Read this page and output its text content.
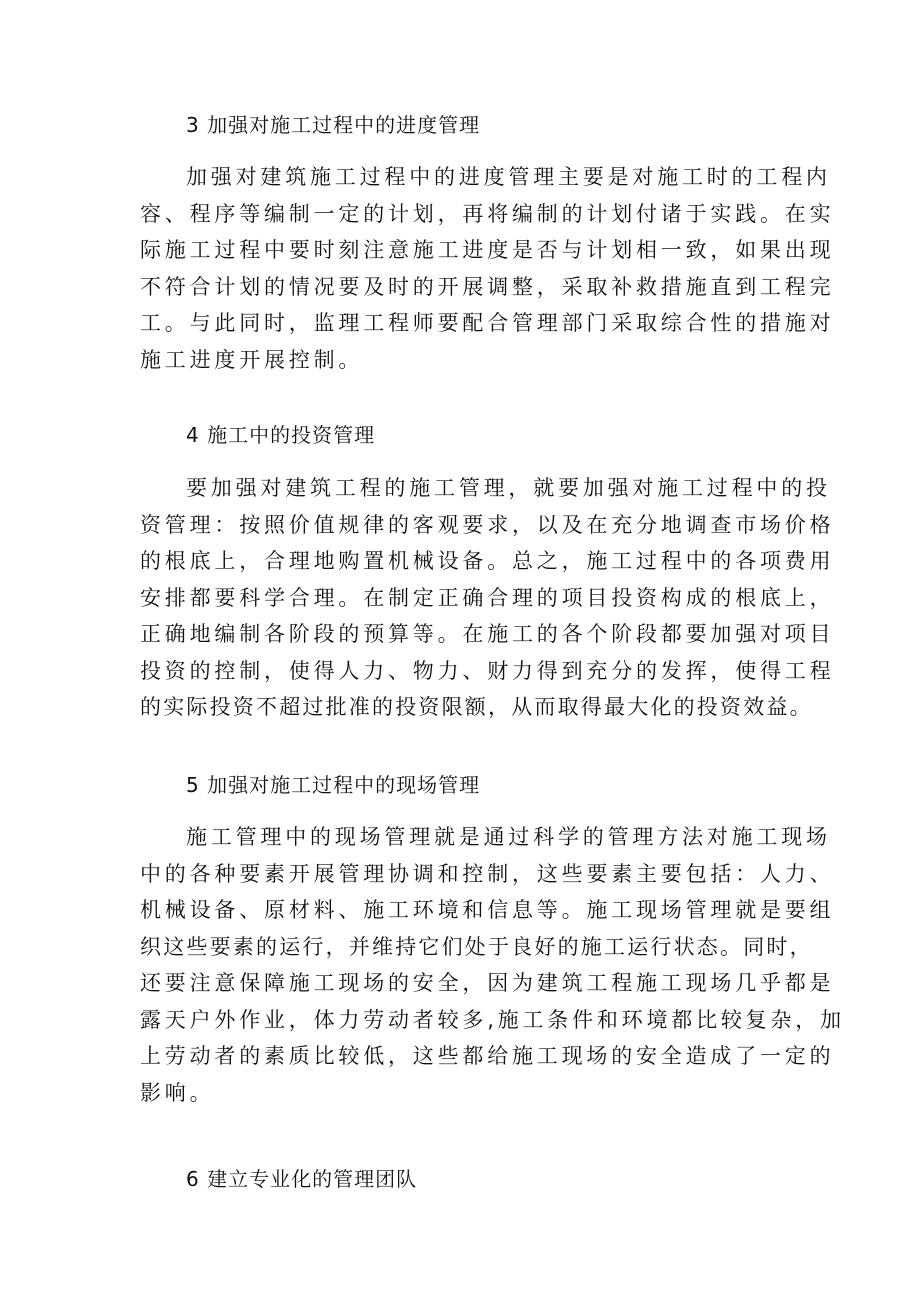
3 加强对施工过程中的进度管理
加强对建筑施工过程中的进度管理主要是对施工时的工程内
容、程序等编制一定的计划，再将编制的计划付诸于实践。在实
际施工过程中要时刻注意施工进度是否与计划相一致，如果出现
不符合计划的情况要及时的开展调整，采取补救措施直到工程完
工。与此同时，监理工程师要配合管理部门采取综合性的措施对
施工进度开展控制。
4 施工中的投资管理
要加强对建筑工程的施工管理，就要加强对施工过程中的投
资管理：按照价值规律的客观要求，以及在充分地调查市场价格
的根底上，合理地购置机械设备。总之，施工过程中的各项费用
安排都要科学合理。在制定正确合理的项目投资构成的根底上，
正确地编制各阶段的预算等。在施工的各个阶段都要加强对项目
投资的控制，使得人力、物力、财力得到充分的发挥，使得工程
的实际投资不超过批准的投资限额，从而取得最大化的投资效益。
5 加强对施工过程中的现场管理
施工管理中的现场管理就是通过科学的管理方法对施工现场
中的各种要素开展管理协调和控制，这些要素主要包括：人力、
机械设备、原材料、施工环境和信息等。施工现场管理就是要组
织这些要素的运行，并维持它们处于良好的施工运行状态。同时，
还要注意保障施工现场的安全，因为建筑工程施工现场几乎都是
露天户外作业，体力劳动者较多,施工条件和环境都比较复杂，加
上劳动者的素质比较低，这些都给施工现场的安全造成了一定的
影响。
6 建立专业化的管理团队
